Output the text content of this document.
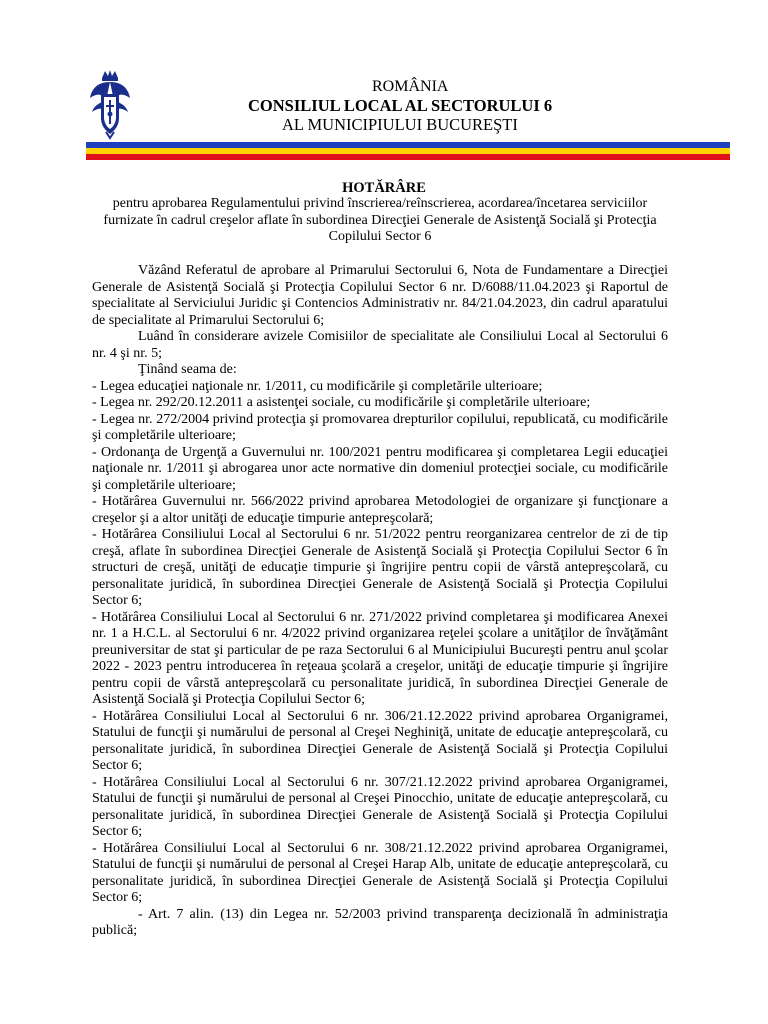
ROMÂNIA
CONSILIUL LOCAL AL SECTORULUI 6
AL MUNICIPIULUI BUCUREŞTI
HOTĂRÂRE
pentru aprobarea Regulamentului privind înscrierea/reînscrierea, acordarea/încetarea serviciilor furnizate în cadrul creşelor aflate în subordinea Direcţiei Generale de Asistenţă Socială şi Protecţia Copilului Sector 6

Văzând Referatul de aprobare al Primarului Sectorului 6, Nota de Fundamentare a Direcţiei Generale de Asistenţă Socială şi Protecţia Copilului Sector 6 nr. D/6088/11.04.2023 şi Raportul de specialitate al Serviciului Juridic şi Contencios Administrativ nr. 84/21.04.2023, din cadrul aparatului de specialitate al Primarului Sectorului 6;

Luând în considerare avizele Comisiilor de specialitate ale Consiliului Local al Sectorului 6 nr. 4 şi nr. 5;

Ţinând seama de:

- Legea educaţiei naţionale nr. 1/2011, cu modificările şi completările ulterioare;

- Legea nr. 292/20.12.2011 a asistenţei sociale, cu modificările şi completările ulterioare;

- Legea nr. 272/2004 privind protecţia şi promovarea drepturilor copilului, republicată, cu modificările şi completările ulterioare;

- Ordonanţa de Urgenţă a Guvernului nr. 100/2021 pentru modificarea şi completarea Legii educaţiei naţionale nr. 1/2011 şi abrogarea unor acte normative din domeniul protecţiei sociale, cu modificările şi completările ulterioare;

- Hotărârea Guvernului nr. 566/2022 privind aprobarea Metodologiei de organizare şi funcţionare a creşelor şi a altor unităţi de educaţie timpurie antepreşcolară;

- Hotărârea Consiliului Local al Sectorului 6 nr. 51/2022 pentru reorganizarea centrelor de zi de tip creşă, aflate în subordinea Direcţiei Generale de Asistenţă Socială şi Protecţia Copilului Sector 6 în structuri de creşă, unităţi de educaţie timpurie şi îngrijire pentru copii de vârstă antepreşcolară, cu personalitate juridică, în subordinea Direcţiei Generale de Asistenţă Socială şi Protecţia Copilului Sector 6;

- Hotărârea Consiliului Local al Sectorului 6 nr. 271/2022 privind completarea şi modificarea Anexei nr. 1 a H.C.L. al Sectorului 6 nr. 4/2022 privind organizarea reţelei şcolare a unităţilor de învăţământ preuniversitar de stat şi particular de pe raza Sectorului 6 al Municipiului Bucureşti pentru anul şcolar 2022 - 2023 pentru introducerea în reţeaua şcolară a creşelor, unităţi de educaţie timpurie şi îngrijire pentru copii de vârstă antepreşcolară cu personalitate juridică, în subordinea Direcţiei Generale de Asistenţă Socială şi Protecţia Copilului Sector 6;

- Hotărârea Consiliului Local al Sectorului 6 nr. 306/21.12.2022 privind aprobarea Organigramei, Statului de funcţii şi numărului de personal al Creşei Neghiniţă, unitate de educaţie antepreşcolară, cu personalitate juridică, în subordinea Direcţiei Generale de Asistenţă Socială şi Protecţia Copilului Sector 6;

- Hotărârea Consiliului Local al Sectorului 6 nr. 307/21.12.2022 privind aprobarea Organigramei, Statului de funcţii şi numărului de personal al Creşei Pinocchio, unitate de educaţie antepreşcolară, cu personalitate juridică, în subordinea Direcţiei Generale de Asistenţă Socială şi Protecţia Copilului Sector 6;

- Hotărârea Consiliului Local al Sectorului 6 nr. 308/21.12.2022 privind aprobarea Organigramei, Statului de funcţii şi numărului de personal al Creşei Harap Alb, unitate de educaţie antepreşcolară, cu personalitate juridică, în subordinea Direcţiei Generale de Asistenţă Socială şi Protecţia Copilului Sector 6;

- Art. 7 alin. (13) din Legea nr. 52/2003 privind transparenţa decizională în administraţia publică;
